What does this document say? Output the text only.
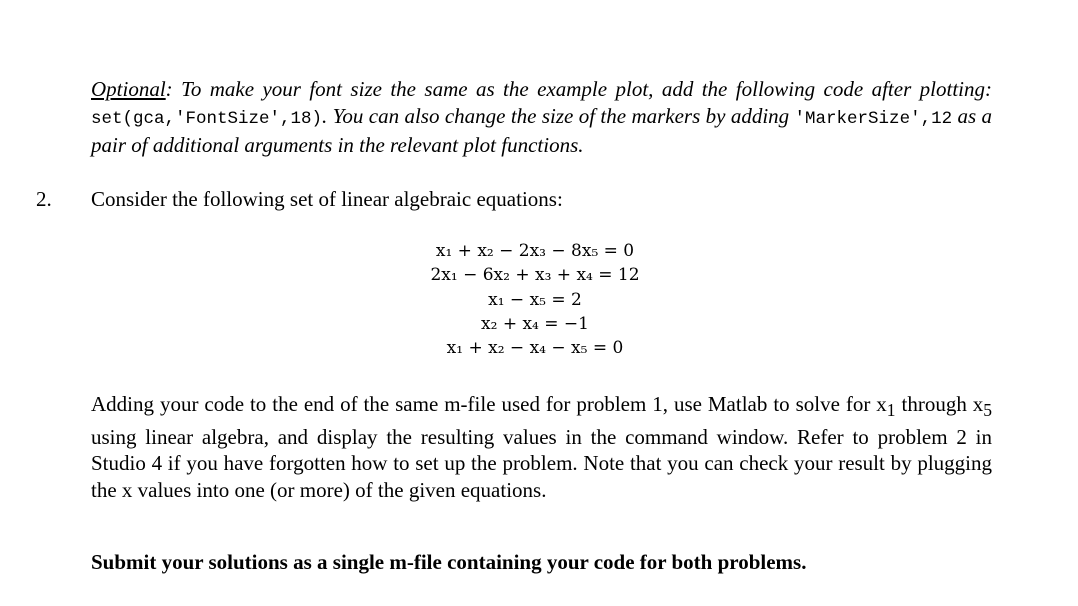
Optional: To make your font size the same as the example plot, add the following code after plotting: set(gca,'FontSize',18). You can also change the size of the markers by adding 'MarkerSize',12 as a pair of additional arguments in the relevant plot functions.
2. Consider the following set of linear algebraic equations:
x₁ + x₂ − 2x₃ − 8x₅ = 0
2x₁ − 6x₂ + x₃ + x₄ = 12
x₁ − x₅ = 2
x₂ + x₄ = −1
x₁ + x₂ − x₄ − x₅ = 0
Adding your code to the end of the same m-file used for problem 1, use Matlab to solve for $x_1$ through $x_5$ using linear algebra, and display the resulting values in the command window. Refer to problem 2 in Studio 4 if you have forgotten how to set up the problem. Note that you can check your result by plugging the x values into one (or more) of the given equations.
Submit your solutions as a single m-file containing your code for both problems.
